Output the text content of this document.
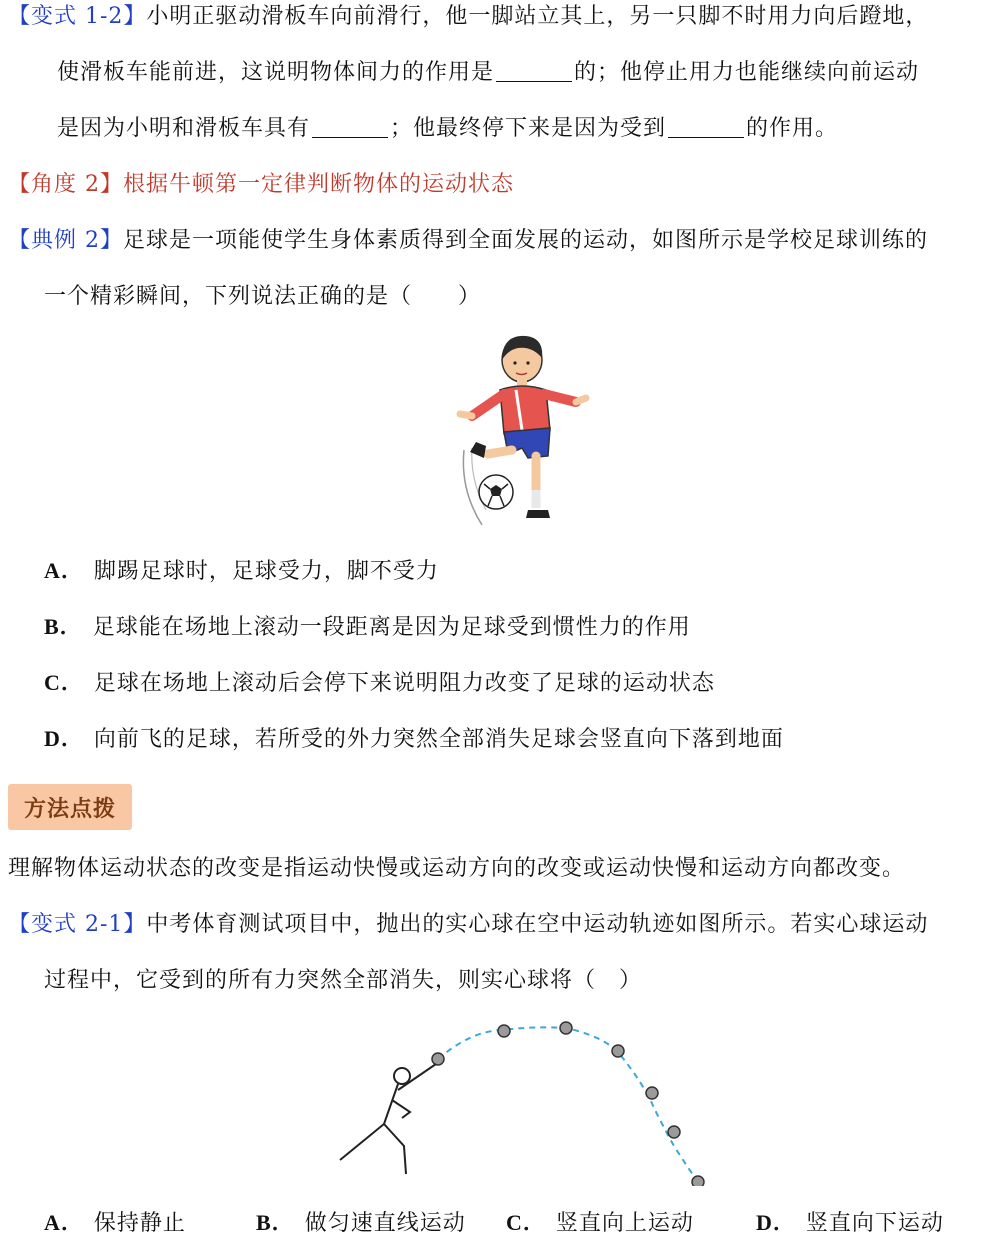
【变式 1-2】小明正驱动滑板车向前滑行，他一脚站立其上，另一只脚不时用力向后蹬地，
使滑板车能前进，这说明物体间力的作用是	的；他停止用力也能继续向前运动
是因为小明和滑板车具有	；他最终停下来是因为受到	的作用。
【角度 2】根据牛顿第一定律判断物体的运动状态
【典例 2】足球是一项能使学生身体素质得到全面发展的运动，如图所示是学校足球训练的
一个精彩瞬间，下列说法正确的是（　　）
A． 脚踢足球时，足球受力，脚不受力
B． 足球能在场地上滚动一段距离是因为足球受到惯性力的作用
C． 足球在场地上滚动后会停下来说明阻力改变了足球的运动状态
D． 向前飞的足球，若所受的外力突然全部消失足球会竖直向下落到地面
方法点拨
理解物体运动状态的改变是指运动快慢或运动方向的改变或运动快慢和运动方向都改变。
【变式 2-1】中考体育测试项目中，抛出的实心球在空中运动轨迹如图所示。若实心球运动
过程中，它受到的所有力突然全部消失，则实心球将（　）
A． 保持静止	B． 做匀速直线运动 C． 竖直向上运动	D． 竖直向下运动
